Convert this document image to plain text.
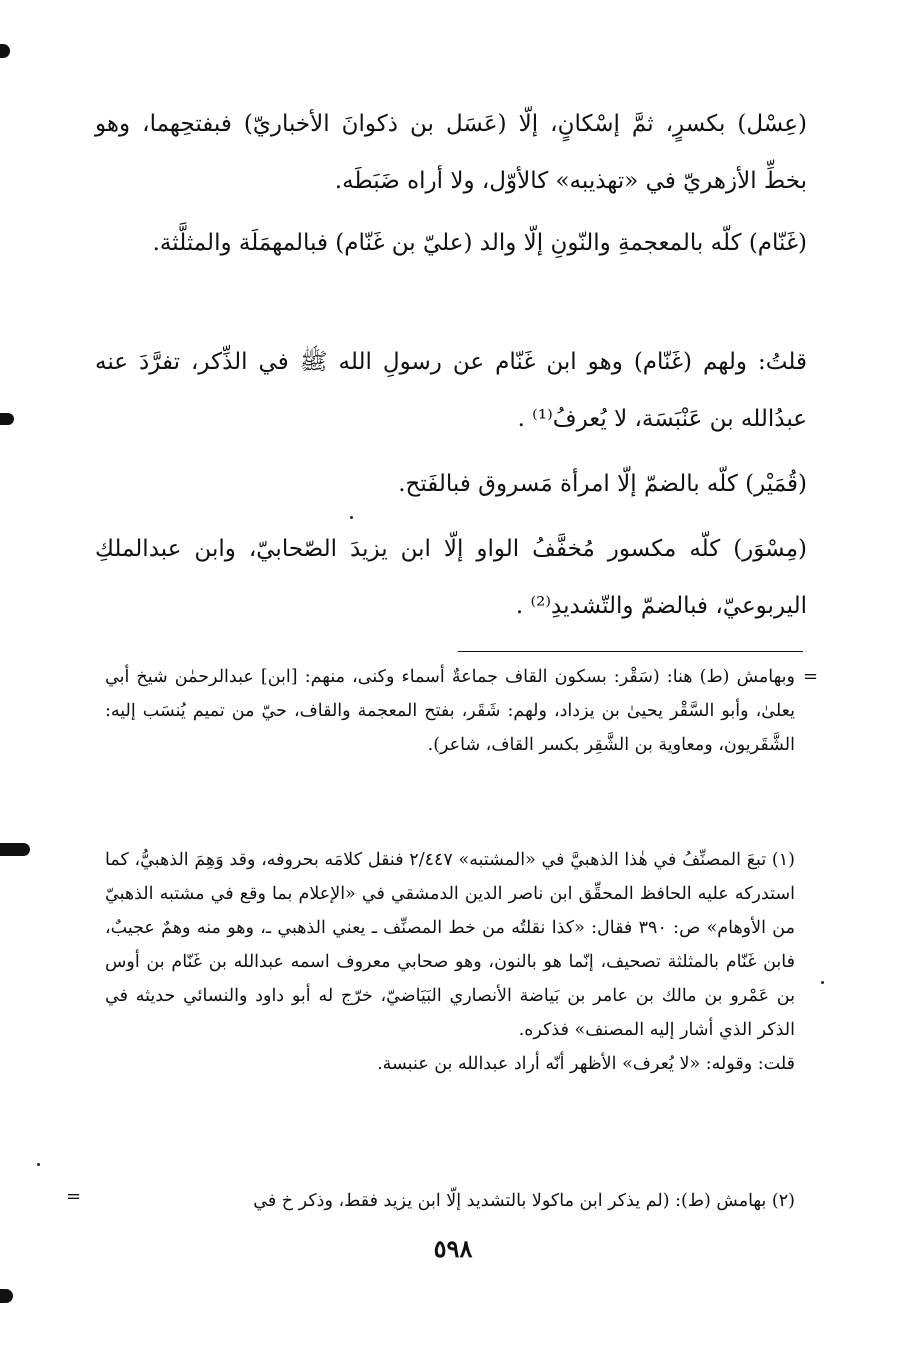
(عِسْل) بكسرٍ، ثمَّ إسْكانٍ، إلّا (عَسَل بن ذكوانَ الأخباريّ) فبفتحِهما، وهو بخطِّ الأزهريّ في «تهذيبه» كالأوّل، ولا أراه ضَبَطَه.

(غَنّام) كلّه بالمعجمةِ والنّونِ إلّا والد (عليّ بن غَنّام) فبالمهمَلَة والمثلَّثة.

قلتُ: ولهم (غَنّام) وهو ابن غَنّام عن رسولِ الله ﷺ في الذِّكر، تفرَّدَ عنه عبدُالله بن عَنْبَسَة، لا يُعرفُ⁽¹⁾ .

(قُمَيْر) كلّه بالضمّ إلّا امرأة مَسروق فبالفَتح.

(مِسْوَر) كلّه مكسور مُخفَّفُ الواو إلّا ابن يزيدَ الصّحابيّ، وابن عبدالملكِ اليربوعيّ، فبالضمّ والتّشديدِ⁽²⁾ .

=

وبهامش (ط) هنا: (سَقْر: بسكون القاف جماعةٌ أسماء وكنى، منهم: [ابن] عبدالرحمٰن شيخ أبي يعلىٰ، وأبو السَّقْر يحيىٰ بن يزداد، ولهم: شَقَر، بفتح المعجمة والقاف، حيّ من تميم يُنسَب إليه: الشَّقَريون، ومعاوية بن الشَّقِر بكسر القاف، شاعر).

(١) تبعَ المصنِّفُ في هٰذا الذهبيَّ في «المشتبه» ٢/٤٤٧ فنقل كلامَه بحروفه، وقد وَهِمَ الذهبيُّ، كما استدركه عليه الحافظ المحقِّق ابن ناصر الدين الدمشقي في «الإعلام بما وقع في مشتبه الذهبيّ من الأوهام» ص: ٣٩٠ فقال: «كذا نقلتُه من خط المصنِّف ـ يعني الذهبي ـ، وهو منه وهمٌ عجيبٌ، فابن غَنّام بالمثلثة تصحيف، إنّما هو بالنون، وهو صحابي معروف اسمه عبدالله بن غَنّام بن أوس بن عَمْرو بن مالك بن عامر بن بَياضة الأنصاري البَيَاضيّ، خرّج له أبو داود والنسائي حديثه في الذكر الذي أشار إليه المصنف» فذكره.
قلت: وقوله: «لا يُعرف» الأظهر أنّه أراد عبدالله بن عنبسة.

(٢) بهامش (ط): (لم يذكر ابن ماكولا بالتشديد إلّا ابن يزيد فقط، وذكر خ في

=
٥٩٨
